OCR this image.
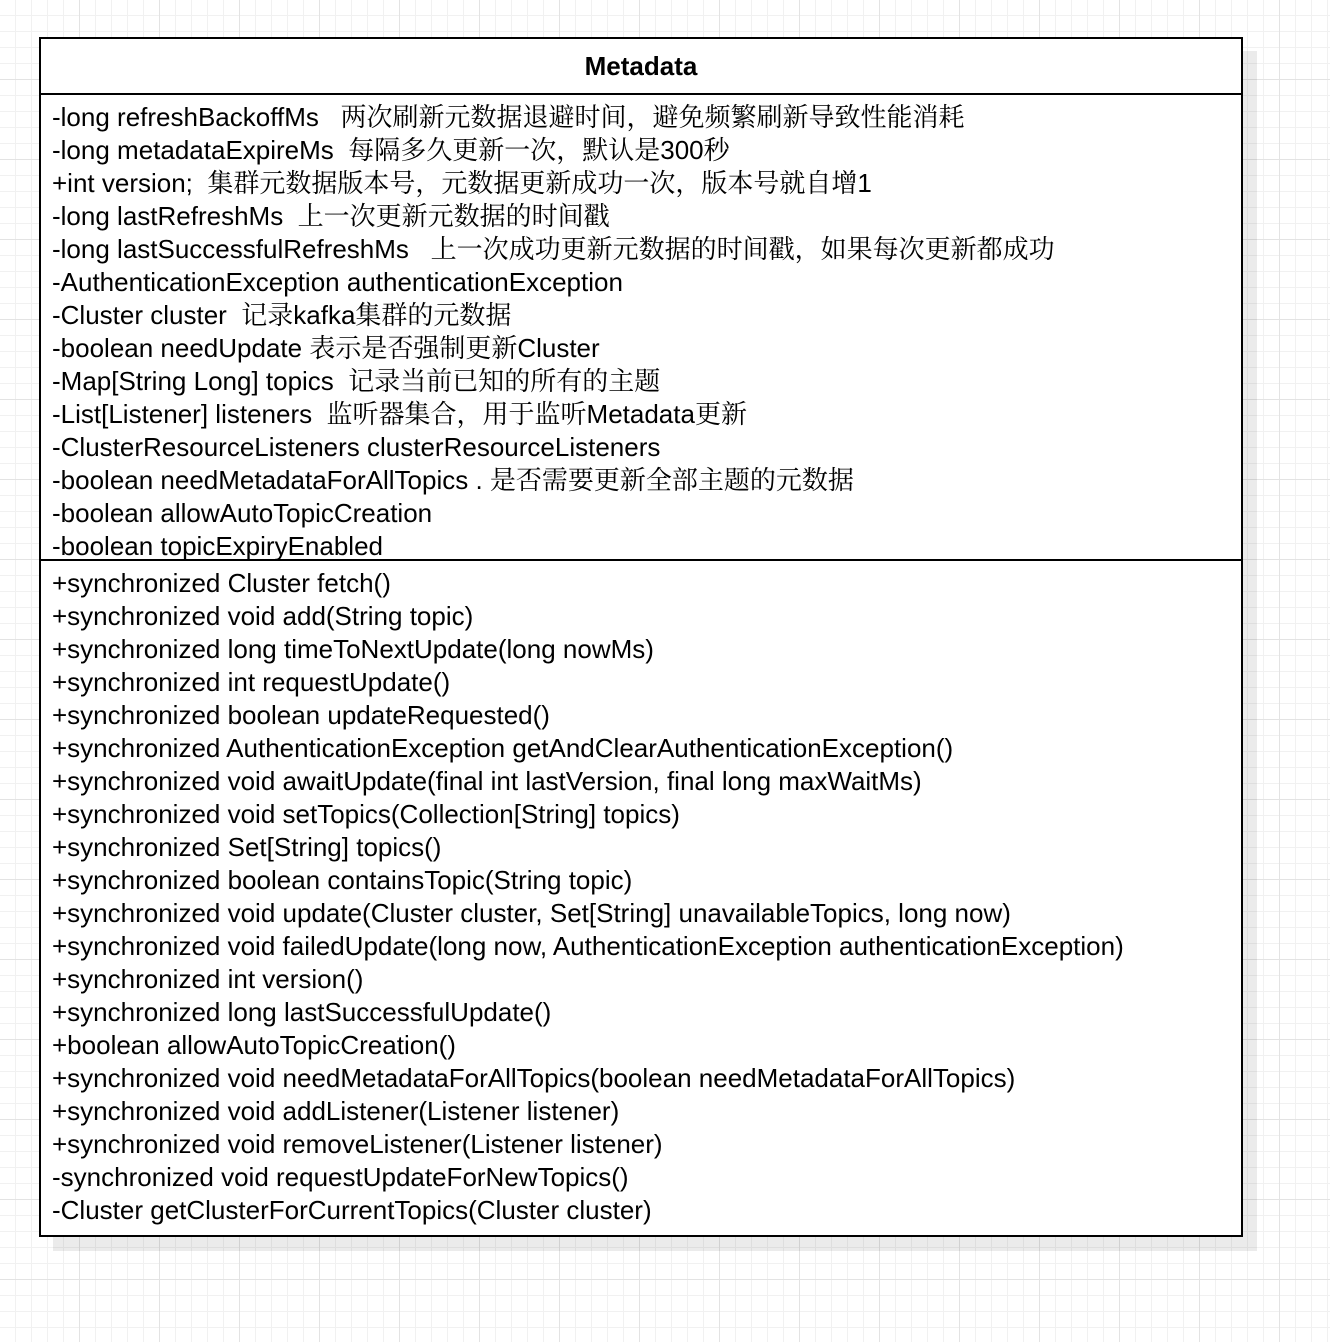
Metadata
-long refreshBackoffMs   两次刷新元数据退避时间，避免频繁刷新导致性能消耗
-long metadataExpireMs  每隔多久更新一次，默认是300秒
+int version;  集群元数据版本号，元数据更新成功一次，版本号就自增1
-long lastRefreshMs  上一次更新元数据的时间戳
-long lastSuccessfulRefreshMs   上一次成功更新元数据的时间戳，如果每次更新都成功
-AuthenticationException authenticationException
-Cluster cluster  记录kafka集群的元数据
-boolean needUpdate 表示是否强制更新Cluster
-Map[String Long] topics  记录当前已知的所有的主题
-List[Listener] listeners  监听器集合，用于监听Metadata更新
-ClusterResourceListeners clusterResourceListeners
-boolean needMetadataForAllTopics . 是否需要更新全部主题的元数据
-boolean allowAutoTopicCreation
-boolean topicExpiryEnabled
+synchronized Cluster fetch()
+synchronized void add(String topic)
+synchronized long timeToNextUpdate(long nowMs)
+synchronized int requestUpdate()
+synchronized boolean updateRequested()
+synchronized AuthenticationException getAndClearAuthenticationException()
+synchronized void awaitUpdate(final int lastVersion, final long maxWaitMs)
+synchronized void setTopics(Collection[String] topics)
+synchronized Set[String] topics()
+synchronized boolean containsTopic(String topic)
+synchronized void update(Cluster cluster, Set[String] unavailableTopics, long now)
+synchronized void failedUpdate(long now, AuthenticationException authenticationException)
+synchronized int version()
+synchronized long lastSuccessfulUpdate()
+boolean allowAutoTopicCreation()
+synchronized void needMetadataForAllTopics(boolean needMetadataForAllTopics)
+synchronized void addListener(Listener listener)
+synchronized void removeListener(Listener listener)
-synchronized void requestUpdateForNewTopics()
-Cluster getClusterForCurrentTopics(Cluster cluster)
